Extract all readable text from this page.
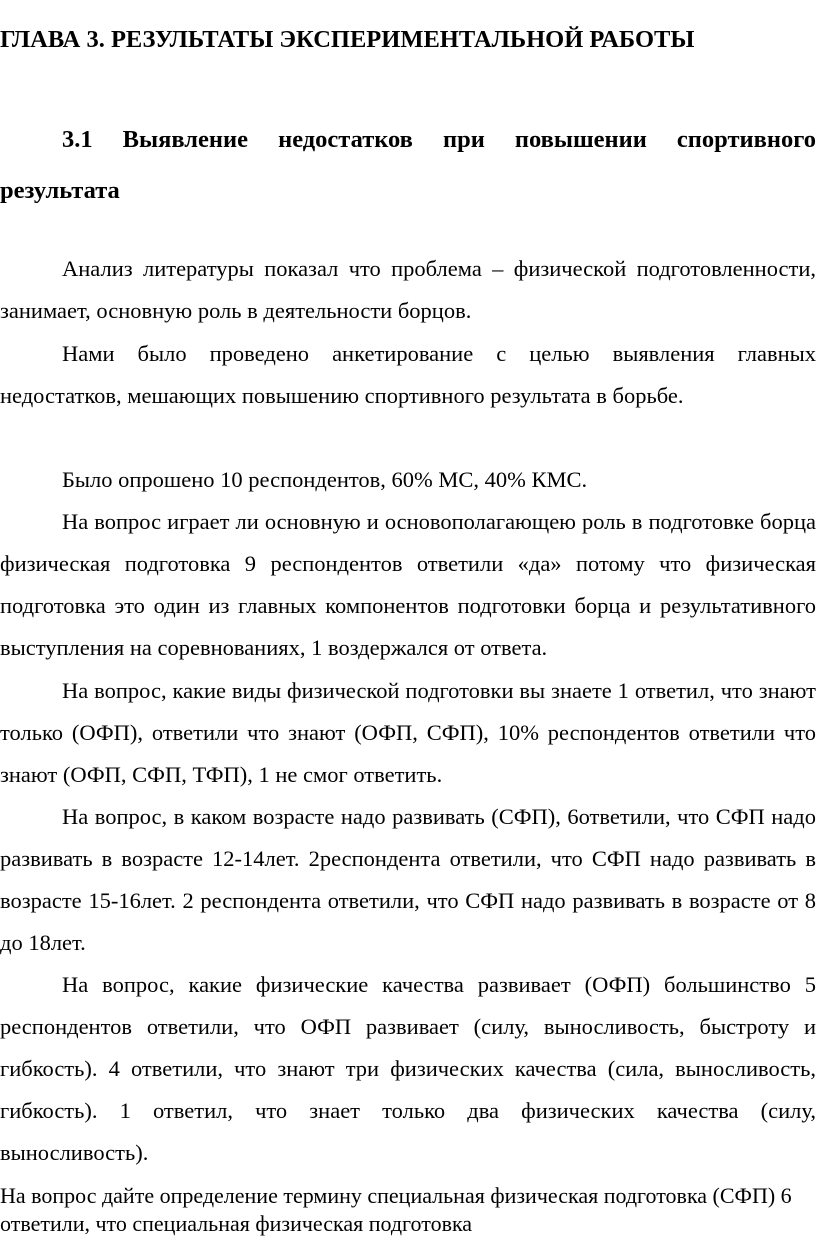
ГЛАВА 3. РЕЗУЛЬТАТЫ ЭКСПЕРИМЕНТАЛЬНОЙ РАБОТЫ
3.1 Выявление недостатков при повышении спортивного результата

Анализ литературы показал что проблема – физической подготовленности, занимает, основную роль в деятельности борцов.

Нами было проведено анкетирование с целью выявления главных недостатков, мешающих повышению спортивного результата в борьбе.

Было опрошено 10 респондентов, 60% МС, 40% КМС.

На вопрос играет ли основную и основополагающею роль в подготовке борца физическая подготовка 9 респондентов ответили «да» потому что физическая подготовка это один из главных компонентов подготовки борца и результативного выступления на соревнованиях, 1 воздержался от ответа.

На вопрос, какие виды физической подготовки вы знаете 1 ответил, что знают только (ОФП), ответили что знают (ОФП, СФП), 10% респондентов ответили что знают (ОФП, СФП, ТФП), 1 не смог ответить.

На вопрос, в каком возрасте надо развивать (СФП), 6ответили, что СФП надо развивать в возрасте 12-14лет. 2респондента ответили, что СФП надо развивать в возрасте 15-16лет. 2 респондента ответили, что СФП надо развивать в возрасте от 8 до 18лет.

На вопрос, какие физические качества развивает (ОФП) большинство 5 респондентов ответили, что ОФП развивает (силу, выносливость, быстроту и гибкость). 4 ответили, что знают три физических качества (сила, выносливость, гибкость). 1 ответил, что знает только два физических качества (силу, выносливость).

На вопрос дайте определение термину специальная физическая подготовка (СФП) 6 ответили, что специальная физическая подготовка
